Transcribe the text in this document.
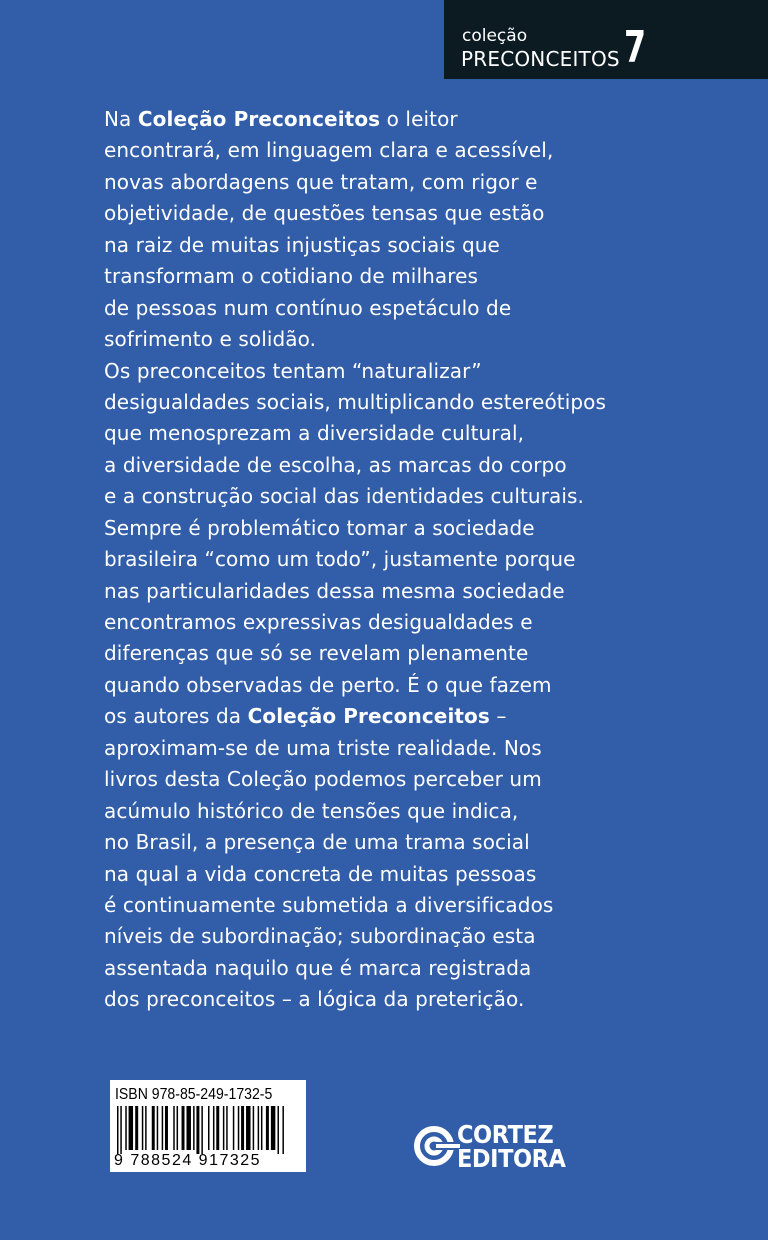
coleção
PRECONCEITOS 7
Na Coleção Preconceitos o leitor
encontrará, em linguagem clara e acessível,
novas abordagens que tratam, com rigor e
objetividade, de questões tensas que estão
na raiz de muitas injustiças sociais que
transformam o cotidiano de milhares
de pessoas num contínuo espetáculo de
sofrimento e solidão.
Os preconceitos tentam “naturalizar”
desigualdades sociais, multiplicando estereótipos
que menosprezam a diversidade cultural,
a diversidade de escolha, as marcas do corpo
e a construção social das identidades culturais.
Sempre é problemático tomar a sociedade
brasileira “como um todo”, justamente porque
nas particularidades dessa mesma sociedade
encontramos expressivas desigualdades e
diferenças que só se revelam plenamente
quando observadas de perto. É o que fazem
os autores da Coleção Preconceitos –
aproximam-se de uma triste realidade. Nos
livros desta Coleção podemos perceber um
acúmulo histórico de tensões que indica,
no Brasil, a presença de uma trama social
na qual a vida concreta de muitas pessoas
é continuamente submetida a diversificados
níveis de subordinação; subordinação esta
assentada naquilo que é marca registrada
dos preconceitos – a lógica da preterição.
ISBN 978-85-249-1732-5
9 788524 917325
CORTEZ
EDITORA
